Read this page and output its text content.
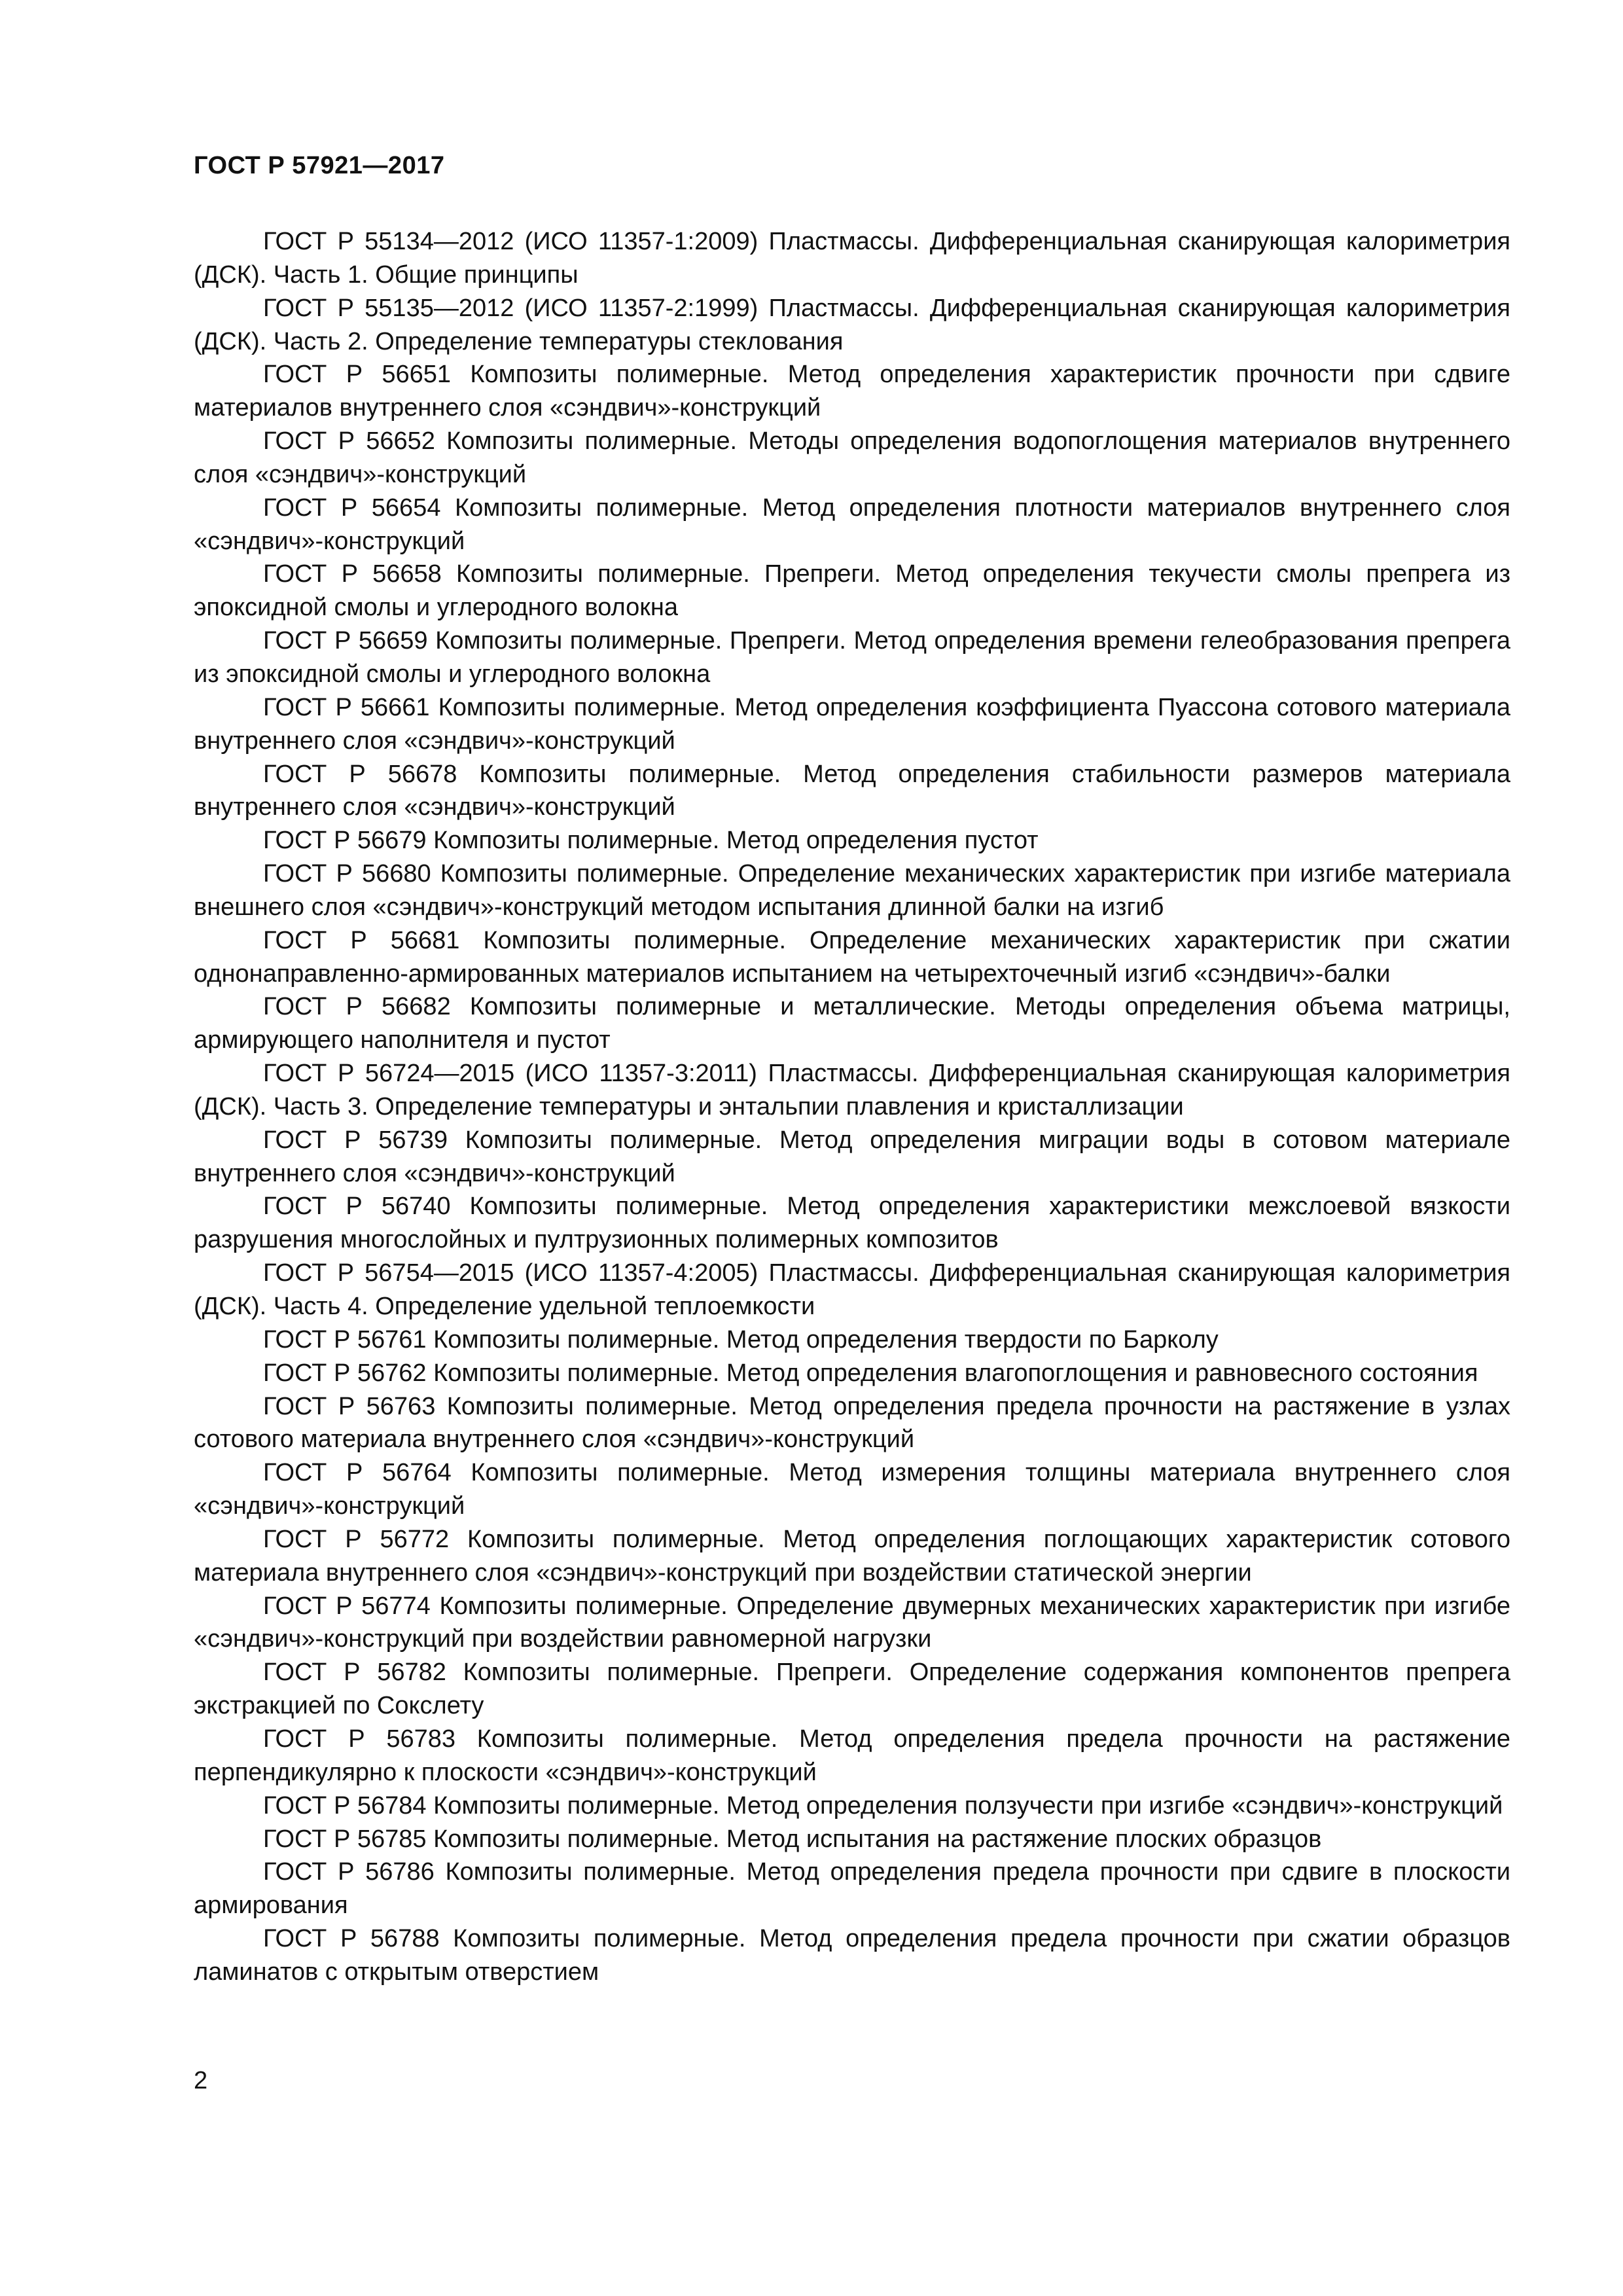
ГОСТ Р 57921—2017

ГОСТ Р 55134—2012 (ИСО 11357-1:2009) Пластмассы. Дифференциальная сканирующая калориметрия (ДСК). Часть 1. Общие принципы

ГОСТ Р 55135—2012 (ИСО 11357-2:1999) Пластмассы. Дифференциальная сканирующая калориметрия (ДСК). Часть 2. Определение температуры стеклования

ГОСТ Р 56651 Композиты полимерные. Метод определения характеристик прочности при сдвиге материалов внутреннего слоя «сэндвич»-конструкций

ГОСТ Р 56652 Композиты полимерные. Методы определения водопоглощения материалов внутреннего слоя «сэндвич»-конструкций

ГОСТ Р 56654 Композиты полимерные. Метод определения плотности материалов внутреннего слоя «сэндвич»-конструкций

ГОСТ Р 56658 Композиты полимерные. Препреги. Метод определения текучести смолы препрега из эпоксидной смолы и углеродного волокна

ГОСТ Р 56659 Композиты полимерные. Препреги. Метод определения времени гелеобразования препрега из эпоксидной смолы и углеродного волокна

ГОСТ Р 56661 Композиты полимерные. Метод определения коэффициента Пуассона сотового материала внутреннего слоя «сэндвич»-конструкций

ГОСТ Р 56678 Композиты полимерные. Метод определения стабильности размеров материала внутреннего слоя «сэндвич»-конструкций

ГОСТ Р 56679 Композиты полимерные. Метод определения пустот

ГОСТ Р 56680 Композиты полимерные. Определение механических характеристик при изгибе материала внешнего слоя «сэндвич»-конструкций методом испытания длинной балки на изгиб

ГОСТ Р 56681 Композиты полимерные. Определение механических характеристик при сжатии однонаправленно-армированных материалов испытанием на четырехточечный изгиб «сэндвич»-балки

ГОСТ Р 56682 Композиты полимерные и металлические. Методы определения объема матрицы, армирующего наполнителя и пустот

ГОСТ Р 56724—2015 (ИСО 11357-3:2011) Пластмассы. Дифференциальная сканирующая калориметрия (ДСК). Часть 3. Определение температуры и энтальпии плавления и кристаллизации

ГОСТ Р 56739 Композиты полимерные. Метод определения миграции воды в сотовом материале внутреннего слоя «сэндвич»-конструкций

ГОСТ Р 56740 Композиты полимерные. Метод определения характеристики межслоевой вязкости разрушения многослойных и пултрузионных полимерных композитов

ГОСТ Р 56754—2015 (ИСО 11357-4:2005) Пластмассы. Дифференциальная сканирующая калориметрия (ДСК). Часть 4. Определение удельной теплоемкости

ГОСТ Р 56761 Композиты полимерные. Метод определения твердости по Барколу

ГОСТ Р 56762 Композиты полимерные. Метод определения влагопоглощения и равновесного состояния

ГОСТ Р 56763 Композиты полимерные. Метод определения предела прочности на растяжение в узлах сотового материала внутреннего слоя «сэндвич»-конструкций

ГОСТ Р 56764 Композиты полимерные. Метод измерения толщины материала внутреннего слоя «сэндвич»-конструкций

ГОСТ Р 56772 Композиты полимерные. Метод определения поглощающих характеристик сотового материала внутреннего слоя «сэндвич»-конструкций при воздействии статической энергии

ГОСТ Р 56774 Композиты полимерные. Определение двумерных механических характеристик при изгибе «сэндвич»-конструкций при воздействии равномерной нагрузки

ГОСТ Р 56782 Композиты полимерные. Препреги. Определение содержания компонентов препрега экстракцией по Сокслету

ГОСТ Р 56783 Композиты полимерные. Метод определения предела прочности на растяжение перпендикулярно к плоскости «сэндвич»-конструкций

ГОСТ Р 56784 Композиты полимерные. Метод определения ползучести при изгибе «сэндвич»-конструкций

ГОСТ Р 56785 Композиты полимерные. Метод испытания на растяжение плоских образцов

ГОСТ Р 56786 Композиты полимерные. Метод определения предела прочности при сдвиге в плоскости армирования

ГОСТ Р 56788 Композиты полимерные. Метод определения предела прочности при сжатии образцов ламинатов с открытым отверстием

2
